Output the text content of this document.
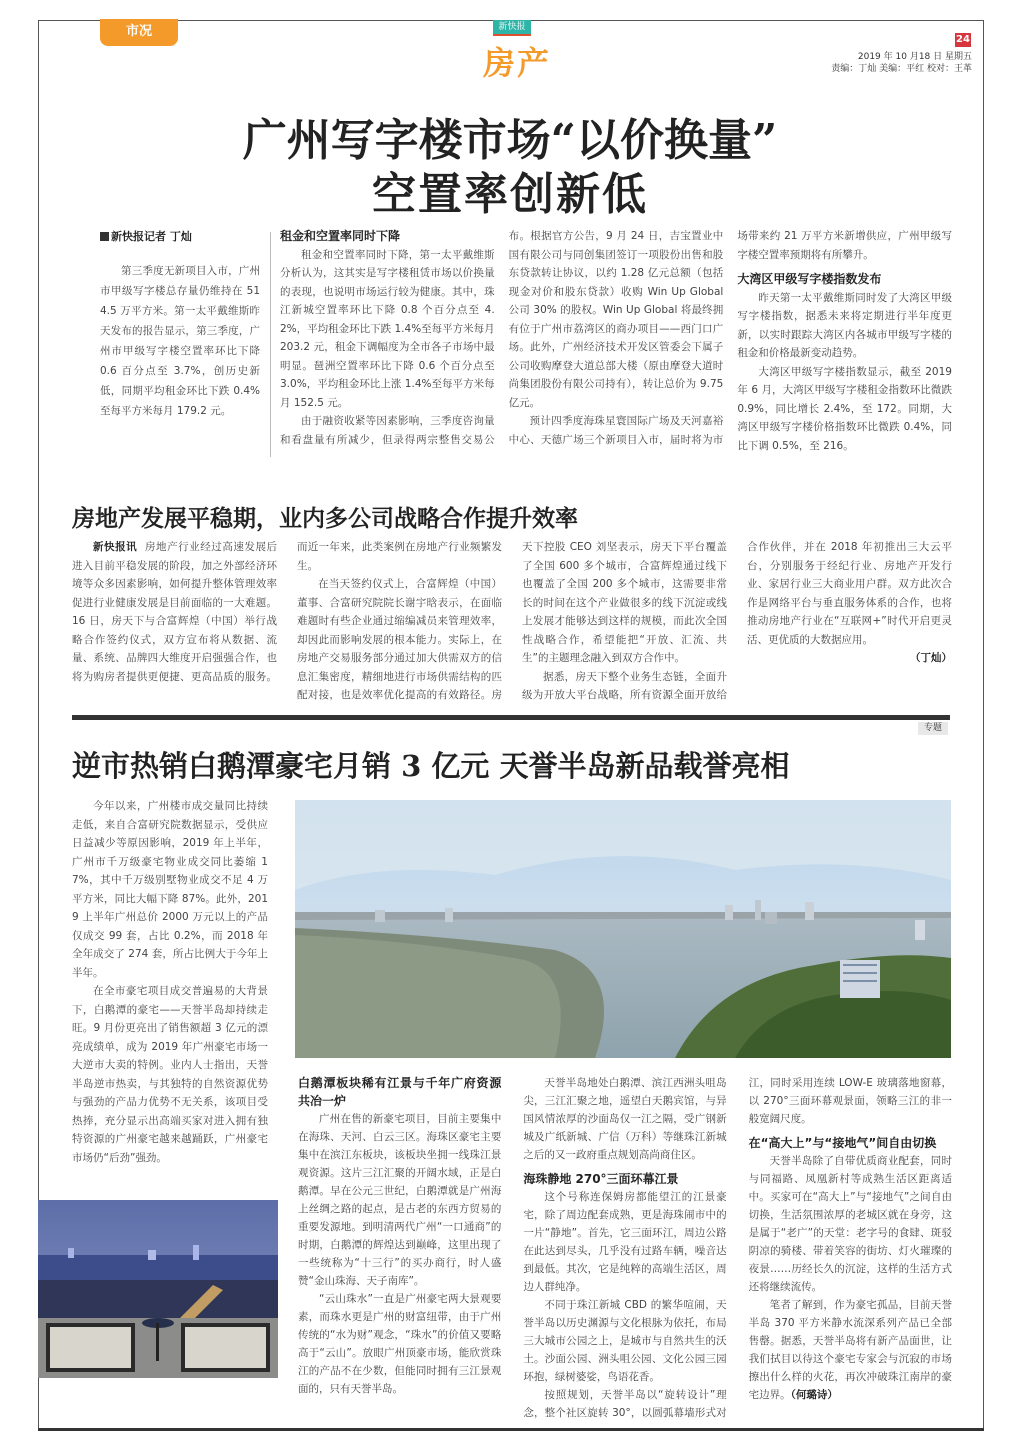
市况	新快报
房产
24
2019 年 10 月18 日 星期五
责编：丁灿 美编：平红 校对：王革
广州写字楼市场“以价换量”
空置率创新低
新快报记者 丁灿

第三季度无新项目入市，广州市甲级写字楼总存量仍维持在 514.5 万平方米。第一太平戴维斯昨天发布的报告显示，第三季度，广州市甲级写字楼空置率环比下降 0.6 百分点至 3.7%，创历史新低，同期平均租金环比下跌 0.4%至每平方米每月 179.2 元。

租金和空置率同时下降

租金和空置率同时下降，第一太平戴维斯分析认为，这其实是写字楼租赁市场以价换量的表现，也说明市场运行较为健康。其中，珠江新城空置率环比下降 0.8 个百分点至 4.2%，平均租金环比下跌 1.4%至每平方米每月 203.2 元，租金下调幅度为全市各子市场中最明显。琶洲空置率环比下降 0.6 个百分点至 3.0%，平均租金环比上涨 1.4%至每平方米每月 152.5 元。

由于融资收紧等因素影响，三季度咨询量和看盘量有所减少，但录得两宗整售交易公布。根据官方公告，9 月 24 日，吉宝置业中国有限公司与同创集团签订一项股份出售和股东贷款转让协议，以约 1.28 亿元总额（包括现金对价和股东贷款）收购 Win Up Global 公司 30% 的股权。Win Up Global 将最终拥有位于广州市荔湾区的商办项目——西门口广场。此外，广州经济技术开发区管委会下属子公司收购摩登大道总部大楼（原由摩登大道时尚集团股份有限公司持有），转让总价为 9.75 亿元。

预计四季度海珠星寰国际广场及天河嘉裕中心、天德广场三个新项目入市，届时将为市场带来约 21 万平方米新增供应，广州甲级写字楼空置率预期将有所攀升。

大湾区甲级写字楼指数发布

昨天第一太平戴维斯同时发了大湾区甲级写字楼指数，据悉未来将定期进行半年度更新，以实时跟踪大湾区内各城市甲级写字楼的租金和价格最新变动趋势。

大湾区甲级写字楼指数显示，截至 2019 年 6 月，大湾区甲级写字楼租金指数环比微跌 0.9%，同比增长 2.4%，至 172。同期，大湾区甲级写字楼价格指数环比微跌 0.4%，同比下调 0.5%，至 216。

房地产发展平稳期，业内多公司战略合作提升效率

新快报讯 房地产行业经过高速发展后进入目前平稳发展的阶段，加之外部经济环境等众多因素影响，如何提升整体管理效率促进行业健康发展是目前面临的一大难题。16 日，房天下与合富辉煌（中国）举行战略合作签约仪式，双方宣布将从数据、流量、系统、品牌四大维度开启强强合作，也将为购房者提供更便捷、更高品质的服务。而近一年来，此类案例在房地产行业频繁发生。

在当天签约仪式上，合富辉煌（中国）董事、合富研究院院长谢宇晗表示，在面临难题时有些企业通过缩编减员来管理效率，却因此而影响发展的根本能力。实际上，在房地产交易服务部分通过加大供需双方的信息汇集密度，精细地进行市场供需结构的匹配对接，也是效率优化提高的有效路径。房天下控股 CEO 刘坚表示，房天下平台覆盖了全国 600 多个城市，合富辉煌通过线下也覆盖了全国 200 多个城市，这需要非常长的时间在这个产业做很多的线下沉淀或线上发展才能够达到这样的规模，而此次全国性战略合作，希望能把“开放、汇流、共生”的主题理念融入到双方合作中。

据悉，房天下整个业务生态链，全面升级为开放大平台战略，所有资源全面开放给合作伙伴，并在 2018 年初推出三大云平台，分别服务于经纪行业、房地产开发行业、家居行业三大商业用户群。双方此次合作是网络平台与垂直服务体系的合作，也将推动房地产行业在“互联网+”时代开启更灵活、更优质的大数据应用。

（丁灿）
专题
逆市热销白鹅潭豪宅月销 3 亿元 天誉半岛新品载誉亮相

今年以来，广州楼市成交量同比持续走低，来自合富研究院数据显示，受供应日益减少等原因影响，2019 年上半年，广州市千万级豪宅物业成交同比萎缩 17%，其中千万级别墅物业成交不足 4 万平方米，同比大幅下降 87%。此外，2019 上半年广州总价 2000 万元以上的产品仅成交 99 套，占比 0.2%，而 2018 年全年成交了 274 套，所占比例大于今年上半年。

在全市豪宅项目成交普遍易的大背景下，白鹅潭的豪宅——天誉半岛却持续走旺。9 月份更亮出了销售额超 3 亿元的漂亮成绩单，成为 2019 年广州豪宅市场一大逆市大卖的特例。业内人士指出，天誉半岛逆市热卖，与其独特的自然资源优势与强劲的产品力优势不无关系，该项目受热捧，充分显示出高端买家对进入拥有独特资源的广州豪宅越来越踊跃，广州豪宅市场仍“后劲”强劲。

白鹅潭板块稀有江景与千年广府资源共冶一炉

广州在售的新豪宅项目，目前主要集中在海珠、天河、白云三区。海珠区豪宅主要集中在滨江东板块，该板块坐拥一线珠江景观资源。这片三江汇聚的开阔水域，正是白鹅潭。早在公元三世纪，白鹅潭就是广州海上丝绸之路的起点，是古老的东西方贸易的重要发源地。到明清两代广州“一口通商”的时期，白鹅潭的辉煌达到巅峰，这里出现了一些统称为“十三行”的买办商行，时人盛赞“金山珠海、天子南库”。

“云山珠水”一直是广州豪宅两大景观要素，而珠水更是广州的财富纽带，由于广州传统的“水为财”观念，“珠水”的价值又要略高于“云山”。放眼广州顶豪市场，能欣赏珠江的产品不在少数，但能同时拥有三江景观面的，只有天誉半岛。

天誉半岛地处白鹅潭、滨江西洲头咀岛尖，三江汇聚之地，遥望白天鹅宾馆，与异国风情浓厚的沙面岛仅一江之隔，受广钢新城及广纸新城、广信（万科）等继珠江新城之后的又一政府重点规划高尚商住区。

海珠静地 270°三面环幕江景

这个号称连保姆房都能望江的江景豪宅，除了周边配套成熟，更是海珠闹市中的一片“静地”。首先，它三面环江，周边公路在此达到尽头，几乎没有过路车辆，噪音达到最低。其次，它是纯粹的高端生活区，周边人群纯净。

不同于珠江新城 CBD 的繁华喧闹，天誉半岛以历史渊源与文化根脉为依托，布局三大城市公园之上，是城市与自然共生的沃土。沙面公园、洲头咀公园、文化公园三园环抱，绿树婆娑，鸟语花香。

按照规划，天誉半岛以“旋转设计”理念，整个社区旋转 30°，以圆弧幕墙形式对江，同时采用连续 LOW-E 玻璃落地窗幕，以 270°三面环幕观景面，领略三江的非一般宽阔尺度。

在“高大上”与“接地气”间自由切换

天誉半岛除了自带优质商业配套，同时与同福路、凤凰新村等成熟生活区距离适中。买家可在“高大上”与“接地气”之间自由切换，生活氛围浓厚的老城区就在身旁，这是属于“老广”的天堂：老字号的食肆、斑驳阴凉的骑楼、带着笑容的街坊、灯火璀璨的夜景……历经长久的沉淀，这样的生活方式还将继续流传。

笔者了解到，作为豪宅孤品，目前天誉半岛 370 平方米静水流深系列产品已全部售罄。据悉，天誉半岛将有新产品面世，让我们拭目以待这个豪宅专家会与沉寂的市场擦出什么样的火花，再次冲破珠江南岸的豪宅边界。（何璐诗）
